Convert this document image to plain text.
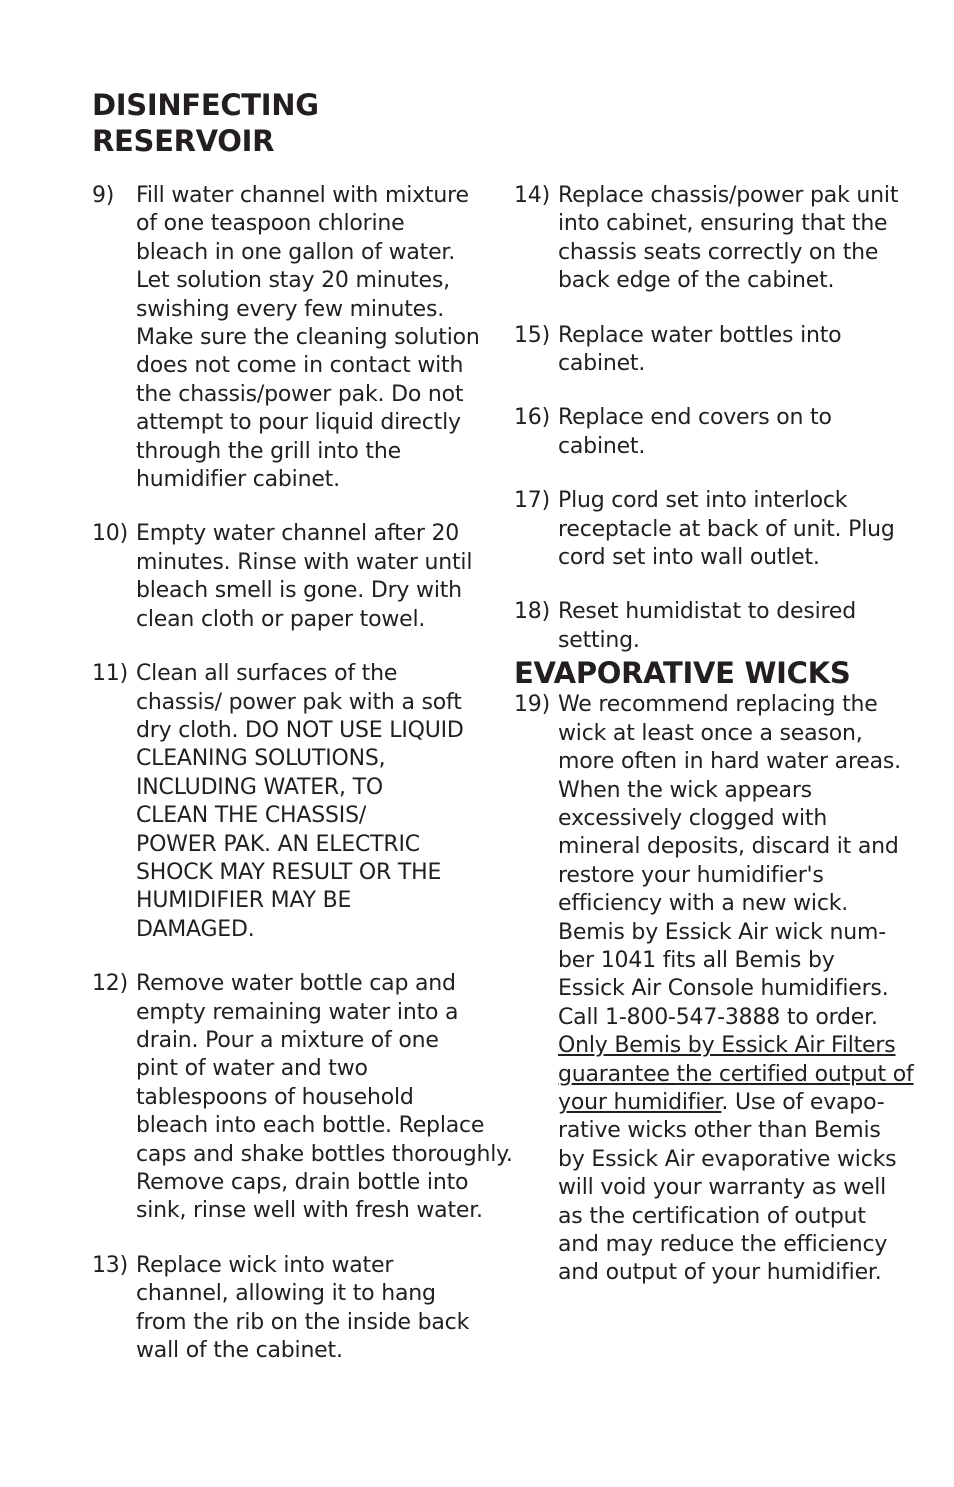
DISINFECTING
RESERVOIR
9) Fill water channel with mixture
of one teaspoon chlorine
bleach in one gallon of water.
Let solution stay 20 minutes,
swishing every few minutes.
Make sure the cleaning solution
does not come in contact with
the chassis/power pak. Do not
attempt to pour liquid directly
through the grill into the
humidifier cabinet.
10) Empty water channel after 20
minutes. Rinse with water until
bleach smell is gone. Dry with
clean cloth or paper towel.
11) Clean all surfaces of the
chassis/ power pak with a soft
dry cloth. DO NOT USE LIQUID
CLEANING SOLUTIONS,
INCLUDING WATER, TO
CLEAN THE CHASSIS/
POWER PAK. AN ELECTRIC
SHOCK MAY RESULT OR THE
HUMIDIFIER MAY BE
DAMAGED.
12) Remove water bottle cap and
empty remaining water into a
drain. Pour a mixture of one
pint of water and two
tablespoons of household
bleach into each bottle. Replace
caps and shake bottles thoroughly.
Remove caps, drain bottle into
sink, rinse well with fresh water.
13) Replace wick into water
channel, allowing it to hang
from the rib on the inside back
wall of the cabinet.
14) Replace chassis/power pak unit
into cabinet, ensuring that the
chassis seats correctly on the
back edge of the cabinet.
15) Replace water bottles into
cabinet.
16) Replace end covers on to
cabinet.
17) Plug cord set into interlock
receptacle at back of unit. Plug
cord set into wall outlet.
18) Reset humidistat to desired
setting.
EVAPORATIVE WICKS
19) We recommend replacing the
wick at least once a season,
more often in hard water areas.
When the wick appears
excessively clogged with
mineral deposits, discard it and
restore your humidifier's
efficiency with a new wick.
Bemis by Essick Air wick num-
ber 1041 fits all Bemis by
Essick Air Console humidifiers.
Call 1-800-547-3888 to order.
Only Bemis by Essick Air Filters
guarantee the certified output of
your humidifier. Use of evapo-
rative wicks other than Bemis
by Essick Air evaporative wicks
will void your warranty as well
as the certification of output
and may reduce the efficiency
and output of your humidifier.
